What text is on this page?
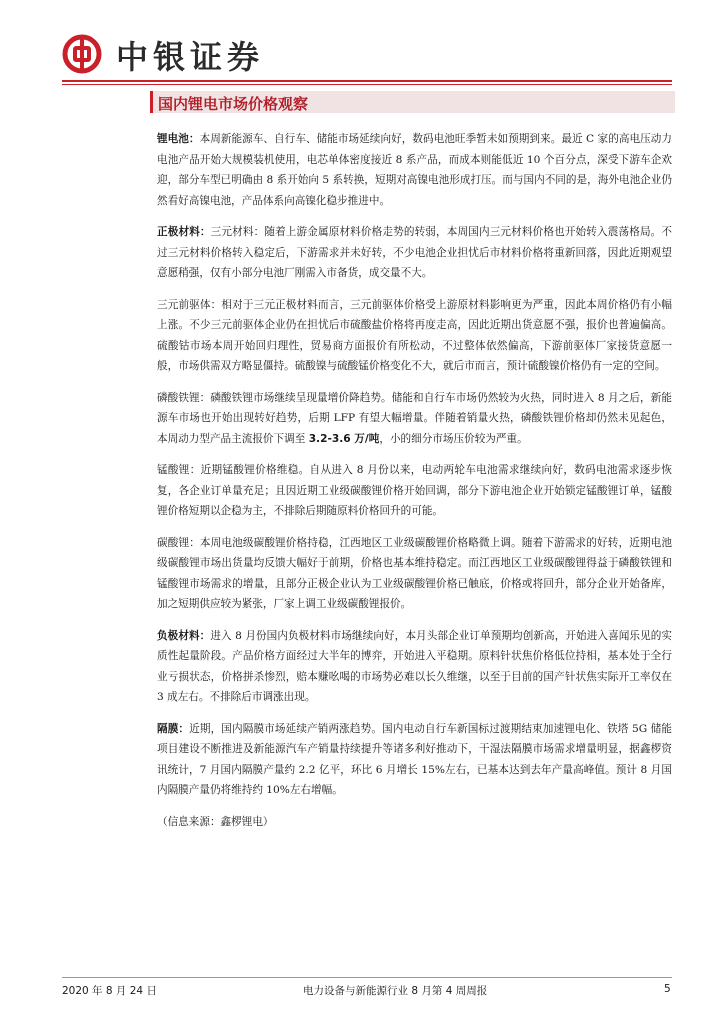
中银证券
国内锂电市场价格观察

锂电池：本周新能源车、自行车、储能市场延续向好，数码电池旺季暂未如预期到来。最近 C 家的高电压动力电池产品开始大规模装机使用，电芯单体密度接近 8 系产品，而成本则能低近 10 个百分点，深受下游车企欢迎，部分车型已明确由 8 系开始向 5 系转换，短期对高镍电池形成打压。而与国内不同的是，海外电池企业仍然看好高镍电池，产品体系向高镍化稳步推进中。

正极材料：三元材料：随着上游金属原材料价格走势的转弱，本周国内三元材料价格也开始转入震荡格局。不过三元材料价格转入稳定后，下游需求并未好转，不少电池企业担忧后市材料价格将重新回落，因此近期观望意愿稍强，仅有小部分电池厂刚需入市备货，成交量不大。

三元前驱体：相对于三元正极材料而言，三元前驱体价格受上游原材料影响更为严重，因此本周价格仍有小幅上涨。不少三元前驱体企业仍在担忧后市硫酸盐价格将再度走高，因此近期出货意愿不强，报价也普遍偏高。硫酸钴市场本周开始回归理性，贸易商方面报价有所松动，不过整体依然偏高，下游前驱体厂家接货意愿一般，市场供需双方略显僵持。硫酸镍与硫酸锰价格变化不大，就后市而言，预计硫酸镍价格仍有一定的空间。

磷酸铁锂：磷酸铁锂市场继续呈现量增价降趋势。储能和自行车市场仍然较为火热，同时进入 8 月之后，新能源车市场也开始出现转好趋势，后期 LFP 有望大幅增量。伴随着销量火热，磷酸铁锂价格却仍然未见起色，本周动力型产品主流报价下调至 3.2-3.6 万/吨，小的细分市场压价较为严重。

锰酸锂：近期锰酸锂价格维稳。自从进入 8 月份以来，电动两轮车电池需求继续向好，数码电池需求逐步恢复，各企业订单量充足；且因近期工业级碳酸锂价格开始回调，部分下游电池企业开始锁定锰酸锂订单，锰酸锂价格短期以企稳为主，不排除后期随原料价格回升的可能。

碳酸锂：本周电池级碳酸锂价格持稳，江西地区工业级碳酸锂价格略微上调。随着下游需求的好转，近期电池级碳酸锂市场出货量均反馈大幅好于前期，价格也基本维持稳定。而江西地区工业级碳酸锂得益于磷酸铁锂和锰酸锂市场需求的增量，且部分正极企业认为工业级碳酸锂价格已触底，价格或将回升，部分企业开始备库，加之短期供应较为紧张，厂家上调工业级碳酸锂报价。

负极材料：进入 8 月份国内负极材料市场继续向好，本月头部企业订单预期均创新高，开始进入喜闻乐见的实质性起量阶段。产品价格方面经过大半年的博弈，开始进入平稳期。原料针状焦价格低位持相，基本处于全行业亏损状态，价格拼杀惨烈，赔本赚吆喝的市场势必难以长久维继，以至于目前的国产针状焦实际开工率仅在 3 成左右。不排除后市调涨出现。

隔膜：近期，国内隔膜市场延续产销两涨趋势。国内电动自行车新国标过渡期结束加速锂电化、铁塔 5G 储能项目建设不断推进及新能源汽车产销量持续提升等诸多利好推动下，干湿法隔膜市场需求增量明显，据鑫椤资讯统计，7 月国内隔膜产量约 2.2 亿平，环比 6 月增长 15%左右，已基本达到去年产量高峰值。预计 8 月国内隔膜产量仍将维持约 10%左右增幅。

（信息来源：鑫椤锂电）
2020 年 8 月 24 日	电力设备与新能源行业 8 月第 4 周周报	5
